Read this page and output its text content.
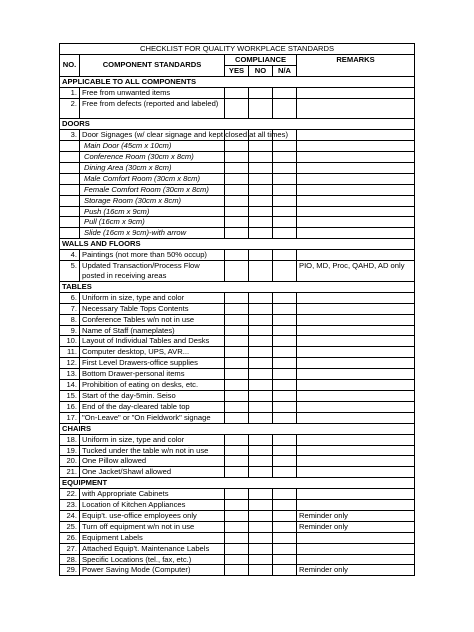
CHECKLIST FOR QUALITY WORKPLACE STANDARDS					
NO.	COMPONENT STANDARDS	COMPLIANCE			REMARKS
		YES	NO	N/A	
APPLICABLE TO ALL COMPONENTS					
1.	Free from unwanted items				
2.	Free from defects (reported and labeled)				
DOORS					
3.	Door Signages (w/ clear signage and kept closed at all times)				
	Main Door (45cm x 10cm)				
	Conference Room (30cm x 8cm)				
	Dining Area (30cm x 8cm)				
	Male Comfort Room (30cm x 8cm)				
	Female Comfort Room (30cm x 8cm)				
	Storage Room (30cm x 8cm)				
	Push (16cm x 9cm)				
	Pull (16cm x 9cm)				
	Slide (16cm x 9cm)-with arrow				
WALLS AND FLOORS					
4.	Paintings (not more than 50% occup)				
5.	Updated Transaction/Process Flow posted in receiving areas				PIO, MD, Proc, QAHD, AD only
TABLES					
6.	Uniform in size, type and color				
7.	Necessary Table Tops Contents				
8.	Conference Tables w/n not in use				
9.	Name of Staff (nameplates)				
10.	Layout of Individual Tables and Desks				
11.	Computer desktop, UPS, AVR...				
12.	First Level Drawers-office supplies				
13.	Bottom Drawer-personal items				
14.	Prohibition of eating on desks, etc.				
15.	Start of the day-5min. Seiso				
16.	End of the day-cleared table top				
17.	"On-Leave" or "On Fieldwork" signage				
CHAIRS					
18.	Uniform in size, type and color				
19.	Tucked under the table w/n not in use				
20.	One Pillow allowed				
21.	One Jacket/Shawl allowed				
EQUIPMENT					
22.	with Appropriate Cabinets				
23.	Location of Kitchen Appliances				
24.	Equip't. use-office employees only				Reminder only
25.	Turn off equipment w/n not in use				Reminder only
26.	Equipment Labels				
27.	Attached Equip't. Maintenance Labels				
28.	Specific Locations (tel., fax, etc.)				
29.	Power Saving Mode (Computer)				Reminder only
